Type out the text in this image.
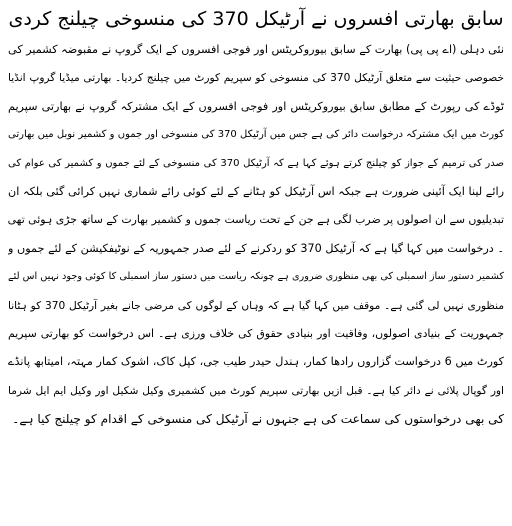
سابق بھارتی افسروں نے آرٹیکل 370 کی منسوخی چیلنج کردی
نئی دہلی (اے پی پی) بھارت کے سابق بیوروکریٹس اور فوجی افسروں کے ایک گروپ نے مقبوضہ کشمیر کی
خصوصی حیثیت سے متعلق آرٹیکل 370 کی منسوخی کو سپریم کورٹ میں چیلنج کردیا۔ بھارتی میڈیا گروپ انڈیا
ٹوڈے کی رپورٹ کے مطابق سابق بیوروکریٹس اور فوجی افسروں کے ایک مشترکہ گروپ نے بھارتی سپریم
کورٹ میں ایک مشترکہ درخواست دائر کی ہے جس میں آرٹیکل 370 کی منسوخی اور جموں و کشمیر نوبل میں بھارتی
صدر کی ترمیم کے جواز کو چیلنج کرتے ہوئے کہا ہے کہ آرٹیکل 370 کی منسوخی کے لئے جموں و کشمیر کی عوام کی
رائے لینا ایک آئینی ضرورت ہے جبکہ اس آرٹیکل کو ہٹانے کے لئے کوئی رائے شماری نہیں کرائی گئی بلکہ ان
تبدیلیوں سے ان اصولوں پر ضرب لگی ہے جن کے تحت ریاست جموں و کشمیر بھارت کے ساتھ جڑی ہوئی تھی
۔ درخواست میں کہا گیا ہے کہ آرٹیکل 370 کو ردکرنے کے لئے صدر جمہوریہ کے نوٹیفکیشن کے لئے جموں و
کشمیر دستور ساز اسمبلی کی بھی منظوری ضروری ہے چونکہ ریاست میں دستور ساز اسمبلی کا کوئی وجود نہیں اس لئے
منظوری نہیں لی گئی ہے۔ موقف میں کہا گیا ہے کہ وہاں کے لوگوں کی مرضی جانے بغیر آرٹیکل 370 کو ہٹانا
جمہوریت کے بنیادی اصولوں، وفاقیت اور بنیادی حقوق کی خلاف ورزی ہے۔ اس درخواست کو بھارتی سپریم
کورٹ میں 6 درخواست گزاروں رادھا کمار، ہندل حیدر طیب جی، کپل کاک، اشوک کمار مہتہ، امیتابھ پانڈے
اور گوپال پلائی نے دائر کیا ہے۔ قبل ازیں بھارتی سپریم کورٹ میں کشمیری وکیل شکیل اور وکیل ایم ایل شرما
کی بھی درخواستوں کی سماعت کی ہے جنہوں نے آرٹیکل کی منسوخی کے اقدام کو چیلنج کیا ہے۔
